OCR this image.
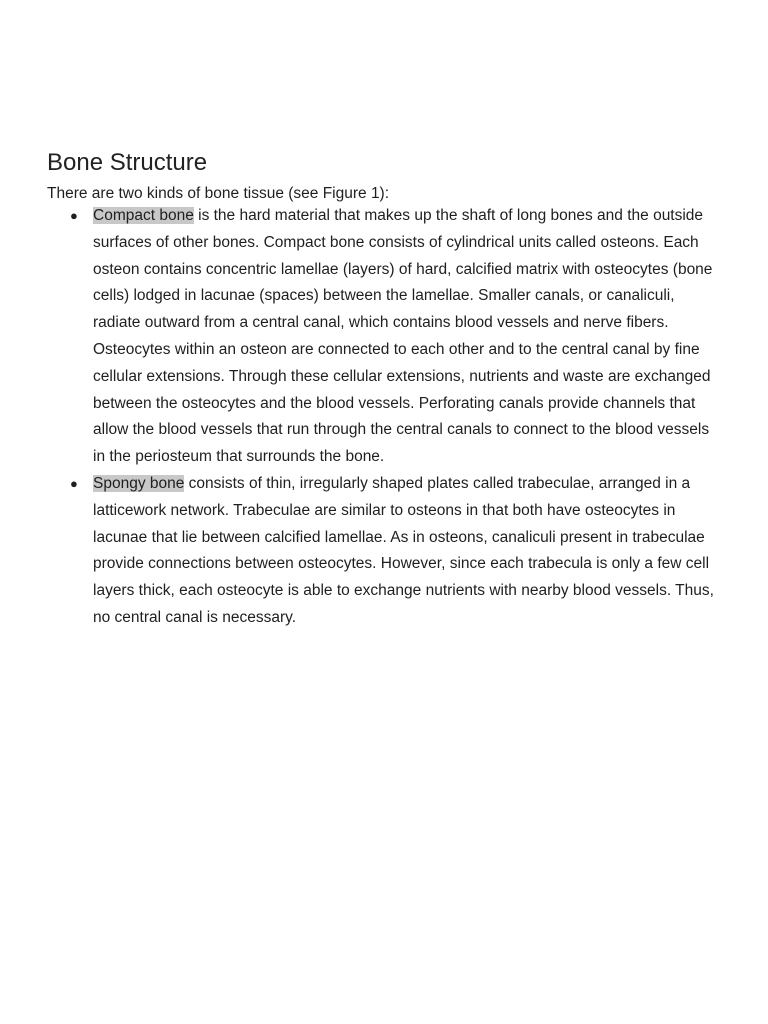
Bone Structure

There are two kinds of bone tissue (see Figure 1):

● Compact bone is the hard material that makes up the shaft of long bones and the outside surfaces of other bones. Compact bone consists of cylindrical units called osteons. Each osteon contains concentric lamellae (layers) of hard, calcified matrix with osteocytes (bone cells) lodged in lacunae (spaces) between the lamellae. Smaller canals, or canaliculi, radiate outward from a central canal, which contains blood vessels and nerve fibers. Osteocytes within an osteon are connected to each other and to the central canal by fine cellular extensions. Through these cellular extensions, nutrients and waste are exchanged between the osteocytes and the blood vessels. Perforating canals provide channels that allow the blood vessels that run through the central canals to connect to the blood vessels in the periosteum that surrounds the bone.
● Spongy bone consists of thin, irregularly shaped plates called trabeculae, arranged in a latticework network. Trabeculae are similar to osteons in that both have osteocytes in lacunae that lie between calcified lamellae. As in osteons, canaliculi present in trabeculae provide connections between osteocytes. However, since each trabecula is only a few cell layers thick, each osteocyte is able to exchange nutrients with nearby blood vessels. Thus, no central canal is necessary.
